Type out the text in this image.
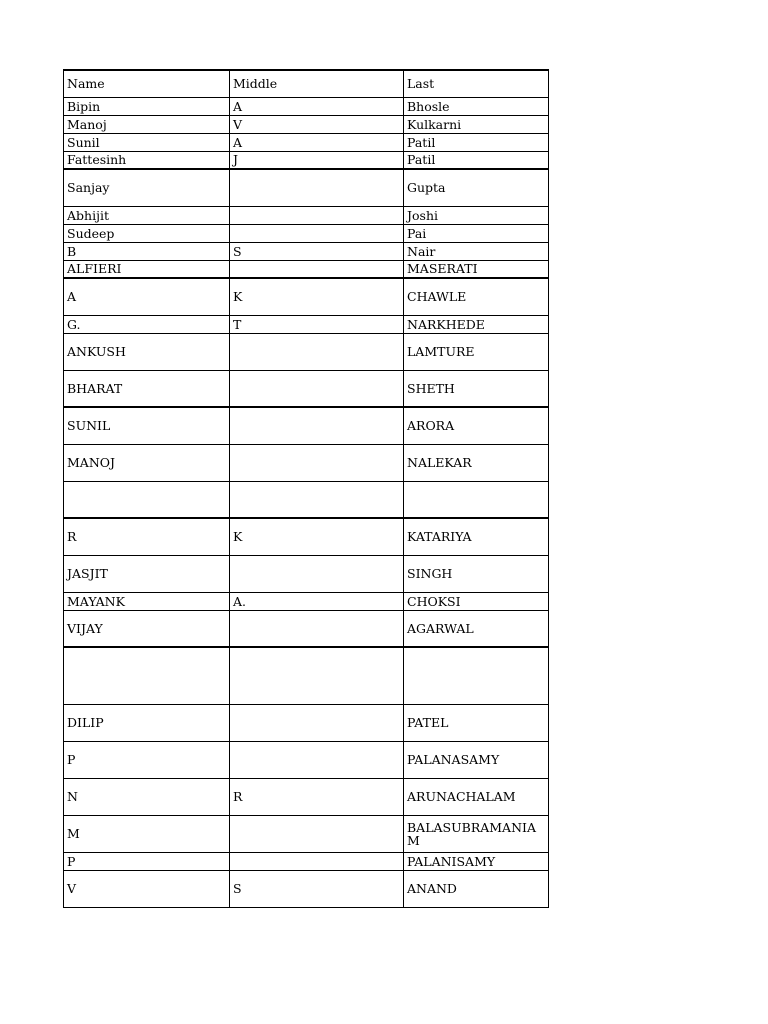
Name	Middle	Last
Bipin	A	Bhosle
Manoj	V	Kulkarni
Sunil	A	Patil
Fattesinh	J	Patil
Sanjay		Gupta
Abhijit		Joshi
Sudeep		Pai
B	S	Nair
ALFIERI		MASERATI
A	K	CHAWLE
G.	T	NARKHEDE
ANKUSH		LAMTURE
BHARAT		SHETH
SUNIL		ARORA
MANOJ		NALEKAR

R	K	KATARIYA
JASJIT		SINGH
MAYANK	A.	CHOKSI
VIJAY		AGARWAL

DILIP		PATEL
P		PALANASAMY
N	R	ARUNACHALAM
M		BALASUBRAMANIAM
P		PALANISAMY
V	S	ANAND
